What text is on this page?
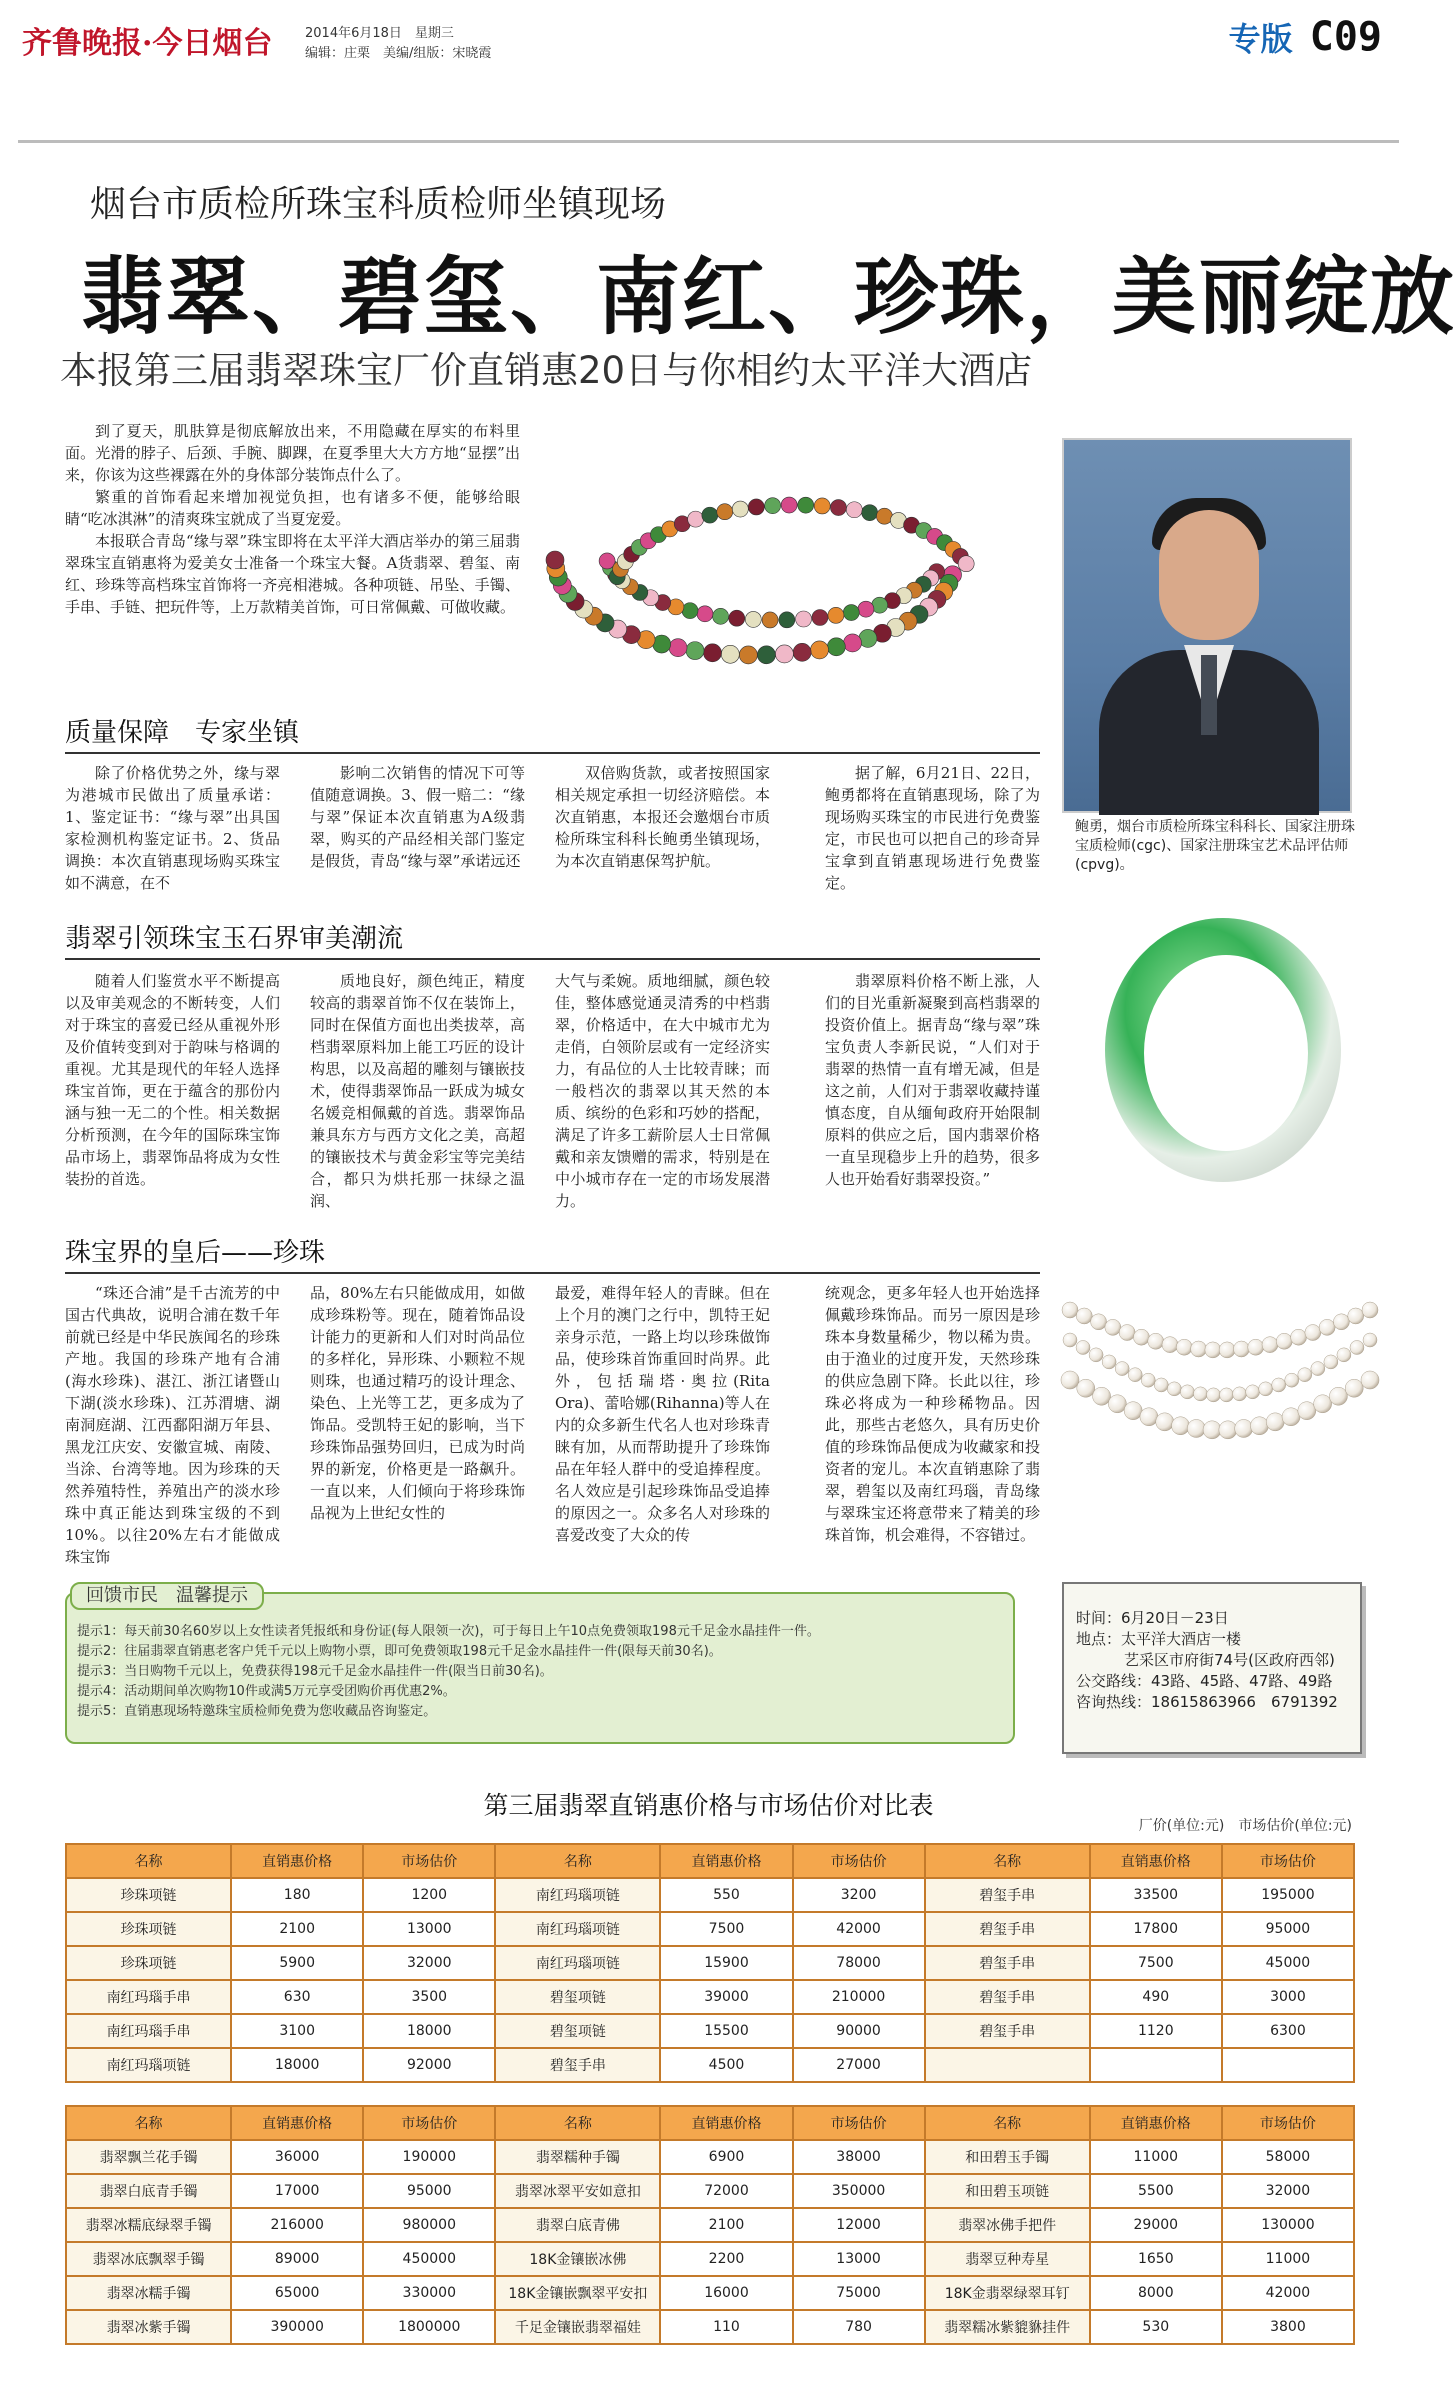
齐鲁晚报·今日烟台	2014年6月18日　星期三
编辑：庄栗　美编/组版：宋晓霞	专版 C09
烟台市质检所珠宝科质检师坐镇现场
翡翠、碧玺、南红、珍珠，美丽绽放
本报第三届翡翠珠宝厂价直销惠20日与你相约太平洋大酒店

到了夏天，肌肤算是彻底解放出来，不用隐藏在厚实的布料里面。光滑的脖子、后颈、手腕、脚踝，在夏季里大大方方地“显摆”出来，你该为这些裸露在外的身体部分装饰点什么了。

繁重的首饰看起来增加视觉负担，也有诸多不便，能够给眼睛“吃冰淇淋”的清爽珠宝就成了当夏宠爱。

本报联合青岛“缘与翠”珠宝即将在太平洋大酒店举办的第三届翡翠珠宝直销惠将为爱美女士准备一个珠宝大餐。A货翡翠、碧玺、南红、珍珠等高档珠宝首饰将一齐亮相港城。各种项链、吊坠、手镯、手串、手链、把玩件等，上万款精美首饰，可日常佩戴、可做收藏。

鲍勇，烟台市质检所珠宝科科长、国家注册珠宝质检师(cgc)、国家注册珠宝艺术品评估师(cpvg)。
质量保障　专家坐镇
除了价格优势之外，缘与翠为港城市民做出了质量承诺：1、鉴定证书：“缘与翠”出具国家检测机构鉴定证书。2、货品调换：本次直销惠现场购买珠宝如不满意，在不
影响二次销售的情况下可等值随意调换。3、假一赔二：“缘与翠”保证本次直销惠为A级翡翠，购买的产品经相关部门鉴定是假货，青岛“缘与翠”承诺远还
双倍购货款，或者按照国家相关规定承担一切经济赔偿。本次直销惠，本报还会邀烟台市质检所珠宝科科长鲍勇坐镇现场，为本次直销惠保驾护航。
据了解，6月21日、22日，鲍勇都将在直销惠现场，除了为现场购买珠宝的市民进行免费鉴定，市民也可以把自己的珍奇异宝拿到直销惠现场进行免费鉴定。
翡翠引领珠宝玉石界审美潮流
随着人们鉴赏水平不断提高以及审美观念的不断转变，人们对于珠宝的喜爱已经从重视外形及价值转变到对于韵味与格调的重视。尤其是现代的年轻人选择珠宝首饰，更在于蕴含的那份内涵与独一无二的个性。相关数据分析预测，在今年的国际珠宝饰品市场上，翡翠饰品将成为女性装扮的首选。
质地良好，颜色纯正，精度较高的翡翠首饰不仅在装饰上，同时在保值方面也出类拔萃，高档翡翠原料加上能工巧匠的设计构思，以及高超的雕刻与镶嵌技术，使得翡翠饰品一跃成为城女名媛竞相佩戴的首选。翡翠饰品兼具东方与西方文化之美，高超的镶嵌技术与黄金彩宝等完美结合，都只为烘托那一抹绿之温润、
大气与柔婉。质地细腻，颜色较佳，整体感觉通灵清秀的中档翡翠，价格适中，在大中城市尤为走俏，白领阶层或有一定经济实力，有品位的人士比较青睐；而一般档次的翡翠以其天然的本质、缤纷的色彩和巧妙的搭配，满足了许多工薪阶层人士日常佩戴和亲友馈赠的需求，特别是在中小城市存在一定的市场发展潜力。
翡翠原料价格不断上涨，人们的目光重新凝聚到高档翡翠的投资价值上。据青岛“缘与翠”珠宝负责人李新民说，“人们对于翡翠的热情一直有增无减，但是这之前，人们对于翡翠收藏持谨慎态度，自从缅甸政府开始限制原料的供应之后，国内翡翠价格一直呈现稳步上升的趋势，很多人也开始看好翡翠投资。”
珠宝界的皇后——珍珠
“珠还合浦”是千古流芳的中国古代典故，说明合浦在数千年前就已经是中华民族闻名的珍珠产地。我国的珍珠产地有合浦(海水珍珠)、湛江、浙江诸暨山下湖(淡水珍珠)、江苏渭塘、湖南洞庭湖、江西鄱阳湖万年县、黑龙江庆安、安徽宣城、南陵、当涂、台湾等地。因为珍珠的天然养殖特性，养殖出产的淡水珍珠中真正能达到珠宝级的不到10%。以往20%左右才能做成珠宝饰
品，80%左右只能做成用，如做成珍珠粉等。现在，随着饰品设计能力的更新和人们对时尚品位的多样化，异形珠、小颗粒不规则珠，也通过精巧的设计理念、染色、上光等工艺，更多成为了饰品。受凯特王妃的影响，当下珍珠饰品强势回归，已成为时尚界的新宠，价格更是一路飙升。一直以来，人们倾向于将珍珠饰品视为上世纪女性的
最爱，难得年轻人的青睐。但在上个月的澳门之行中，凯特王妃亲身示范，一路上均以珍珠做饰品，使珍珠首饰重回时尚界。此外，包括瑞塔·奥拉(Rita Ora)、蕾哈娜(Rihanna)等人在内的众多新生代名人也对珍珠青睐有加，从而帮助提升了珍珠饰品在年轻人群中的受追捧程度。名人效应是引起珍珠饰品受追捧的原因之一。众多名人对珍珠的喜爱改变了大众的传
统观念，更多年轻人也开始选择佩戴珍珠饰品。而另一原因是珍珠本身数量稀少，物以稀为贵。由于渔业的过度开发，天然珍珠的供应急剧下降。长此以往，珍珠必将成为一种珍稀物品。因此，那些古老悠久，具有历史价值的珍珠饰品便成为收藏家和投资者的宠儿。本次直销惠除了翡翠，碧玺以及南红玛瑙，青岛缘与翠珠宝还将意带来了精美的珍珠首饰，机会难得，不容错过。
提示1：每天前30名60岁以上女性读者凭报纸和身份证(每人限领一次)，可于每日上午10点免费领取198元千足金水晶挂件一件。
提示2：往届翡翠直销惠老客户凭千元以上购物小票，即可免费领取198元千足金水晶挂件一件(限每天前30名)。
提示3：当日购物千元以上，免费获得198元千足金水晶挂件一件(限当日前30名)。
提示4：活动期间单次购物10件或满5万元享受团购价再优惠2%。
提示5：直销惠现场特邀珠宝质检师免费为您收藏品咨询鉴定。
回馈市民　温馨提示
时间：6月20日－23日
地点：太平洋大酒店一楼
艺采区市府街74号(区政府西邻)
公交路线：43路、45路、47路、49路
咨询热线：18615863966　6791392
第三届翡翠直销惠价格与市场估价对比表
厂价(单位:元)　市场估价(单位:元)
名称	直销惠价格	市场估价	名称	直销惠价格	市场估价	名称	直销惠价格	市场估价
珍珠项链	180	1200	南红玛瑙项链	550	3200	碧玺手串	33500	195000
珍珠项链	2100	13000	南红玛瑙项链	7500	42000	碧玺手串	17800	95000
珍珠项链	5900	32000	南红玛瑙项链	15900	78000	碧玺手串	7500	45000
南红玛瑙手串	630	3500	碧玺项链	39000	210000	碧玺手串	490	3000
南红玛瑙手串	3100	18000	碧玺项链	15500	90000	碧玺手串	1120	6300
南红玛瑙项链	18000	92000	碧玺手串	4500	27000			
名称	直销惠价格	市场估价	名称	直销惠价格	市场估价	名称	直销惠价格	市场估价
翡翠飘兰花手镯	36000	190000	翡翠糯种手镯	6900	38000	和田碧玉手镯	11000	58000
翡翠白底青手镯	17000	95000	翡翠冰翠平安如意扣	72000	350000	和田碧玉项链	5500	32000
翡翠冰糯底绿翠手镯	216000	980000	翡翠白底青佛	2100	12000	翡翠冰佛手把件	29000	130000
翡翠冰底飘翠手镯	89000	450000	18K金镶嵌冰佛	2200	13000	翡翠豆种寿星	1650	11000
翡翠冰糯手镯	65000	330000	18K金镶嵌飘翠平安扣	16000	75000	18K金翡翠绿翠耳钉	8000	42000
翡翠冰紫手镯	390000	1800000	千足金镶嵌翡翠福娃	110	780	翡翠糯冰紫貔貅挂件	530	3800
